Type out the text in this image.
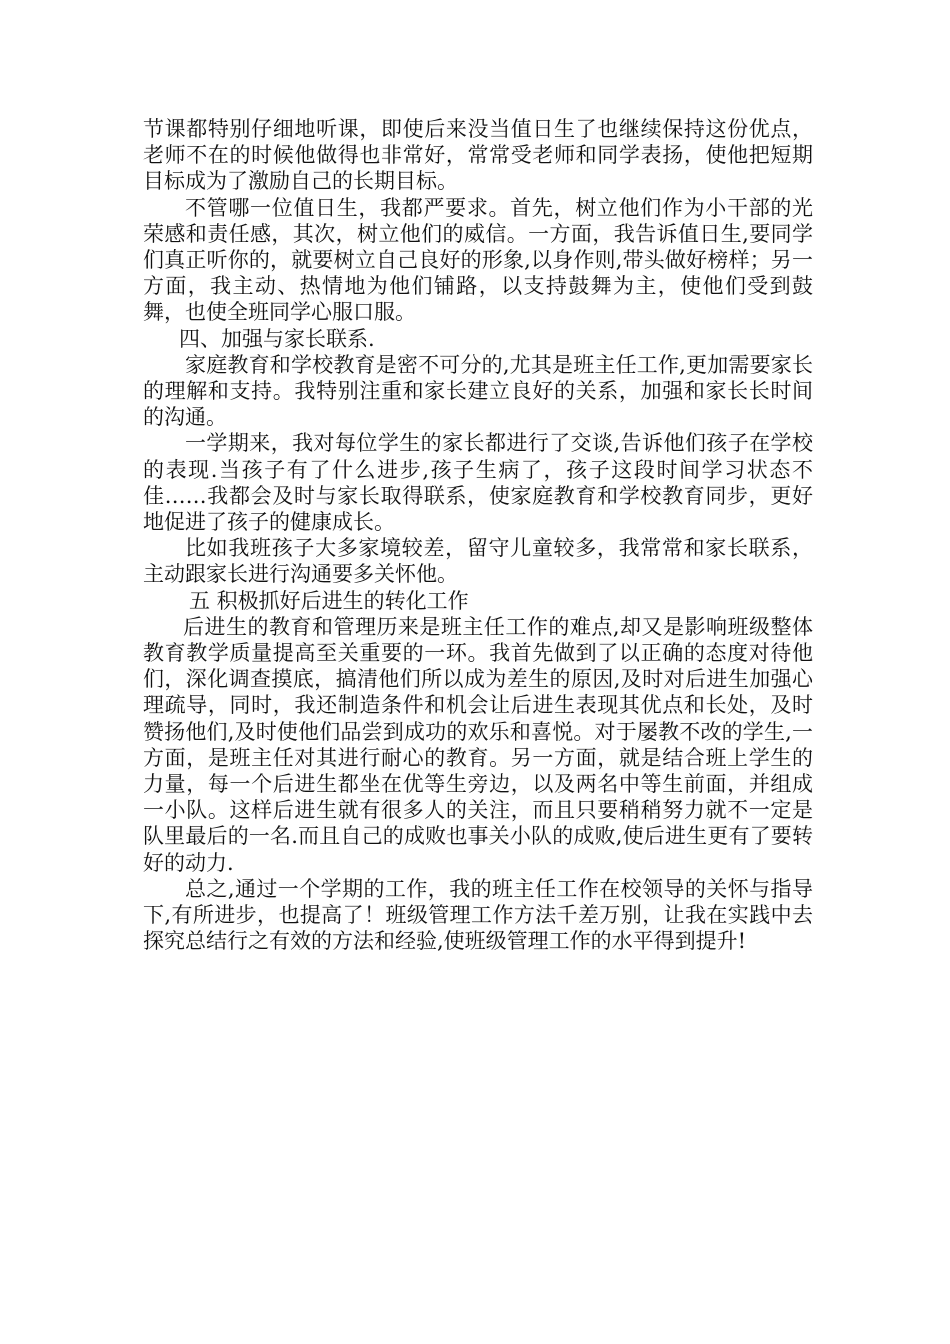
节课都特别仔细地听课，即使后来没当值日生了也继续保持这份优点，老师不在的时候他做得也非常好，常常受老师和同学表扬，使他把短期目标成为了激励自己的长期目标。

不管哪一位值日生，我都严要求。首先，树立他们作为小干部的光荣感和责任感，其次，树立他们的威信。一方面，我告诉值日生,要同学们真正听你的，就要树立自己良好的形象,以身作则,带头做好榜样；另一方面，我主动、热情地为他们铺路，以支持鼓舞为主，使他们受到鼓舞，也使全班同学心服口服。

四、加强与家长联系.

家庭教育和学校教育是密不可分的,尤其是班主任工作,更加需要家长的理解和支持。我特别注重和家长建立良好的关系，加强和家长长时间的沟通。

一学期来，我对每位学生的家长都进行了交谈,告诉他们孩子在学校的表现.当孩子有了什么进步,孩子生病了，孩子这段时间学习状态不佳……我都会及时与家长取得联系，使家庭教育和学校教育同步，更好地促进了孩子的健康成长。

比如我班孩子大多家境较差，留守儿童较多，我常常和家长联系，主动跟家长进行沟通要多关怀他。

五 积极抓好后进生的转化工作

后进生的教育和管理历来是班主任工作的难点,却又是影响班级整体教育教学质量提高至关重要的一环。我首先做到了以正确的态度对待他们，深化调查摸底，搞清他们所以成为差生的原因,及时对后进生加强心理疏导，同时，我还制造条件和机会让后进生表现其优点和长处，及时赞扬他们,及时使他们品尝到成功的欢乐和喜悦。对于屡教不改的学生,一方面，是班主任对其进行耐心的教育。另一方面，就是结合班上学生的力量，每一个后进生都坐在优等生旁边，以及两名中等生前面，并组成一小队。这样后进生就有很多人的关注，而且只要稍稍努力就不一定是队里最后的一名.而且自己的成败也事关小队的成败,使后进生更有了要转好的动力.

总之,通过一个学期的工作，我的班主任工作在校领导的关怀与指导下,有所进步，也提高了！班级管理工作方法千差万别，让我在实践中去探究总结行之有效的方法和经验,使班级管理工作的水平得到提升!
